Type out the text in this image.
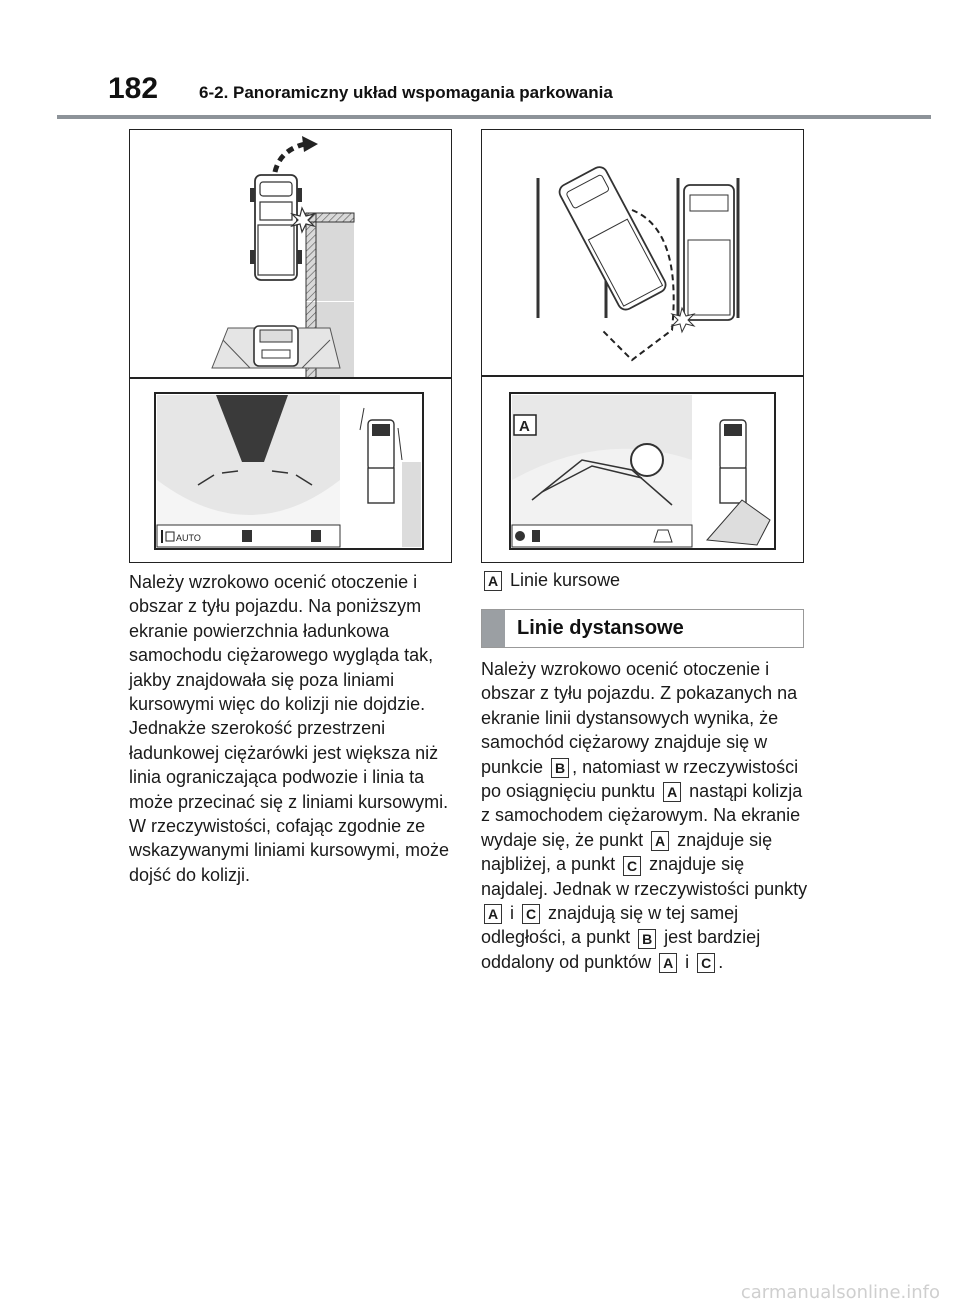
182 6-2. Panoramiczny układ wspomagania parkowania
AUTO
A
Należy wzrokowo ocenić otoczenie i obszar z tyłu pojazdu. Na poniższym ekranie powierzchnia ładunkowa samochodu ciężarowego wygląda tak, jakby znajdowała się poza liniami kursowymi więc do kolizji nie dojdzie. Jednakże szerokość przestrzeni ładunkowej ciężarówki jest większa niż linia ograniczająca podwozie i linia ta może przecinać się z liniami kursowymi. W rzeczywistości, cofając zgodnie ze wskazywanymi liniami kursowymi, może dojść do kolizji.
A Linie kursowe
Linie dystansowe
Należy wzrokowo ocenić otoczenie i obszar z tyłu pojazdu. Z pokazanych na ekranie linii dystansowych wynika, że samochód ciężarowy znajduje się w punkcie B , natomiast w rzeczywistości po osiągnięciu punktu A nastąpi kolizja z samochodem ciężarowym. Na ekranie wydaje się, że punkt A znajduje się najbliżej, a punkt C znajduje się najdalej. Jednak w rzeczywistości punkty A i C znajdują się w tej samej odległości, a punkt B jest bardziej oddalony od punktów A i C .
carmanualsonline.info
